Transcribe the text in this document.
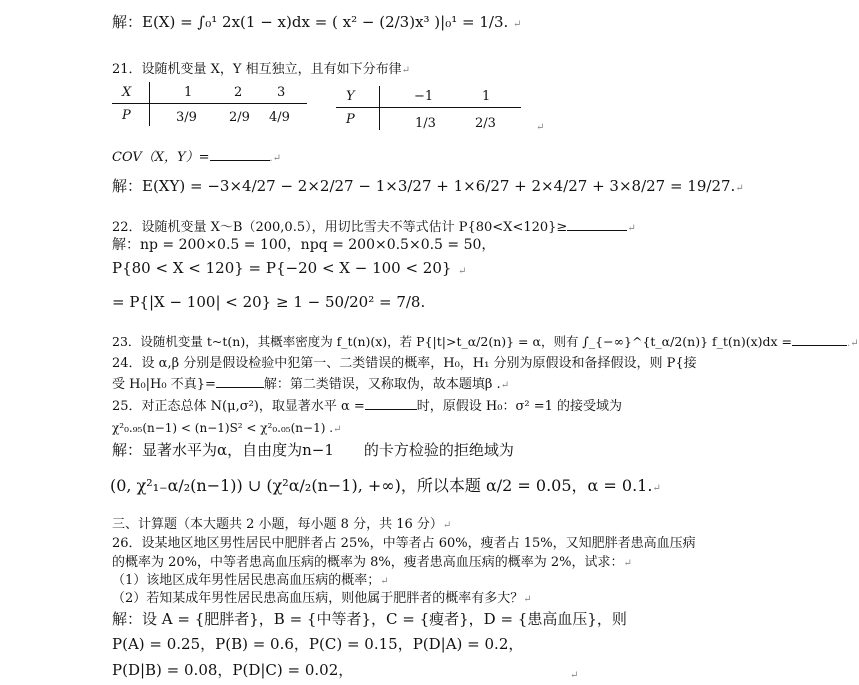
解：E(X) = ∫₀¹ 2x(1 − x)dx = ( x² − (2/3)x³ )|₀¹ = 1/3. ↵
21．设随机变量 X，Y 相互独立，且有如下分布律↵
X	1	2	3
P	3/9 2/9 4/9
Y	−1	1
P	1/3	2/3	↵
COV（X，Y）=	.↵
解：E(XY) = −3×4/27 − 2×2/27 − 1×3/27 + 1×6/27 + 2×4/27 + 3×8/27 = 19/27.↵
22．设随机变量 X～B（200,0.5），用切比雪夫不等式估计 P{80<X<120}≥	↵
解：np = 200×0.5 = 100，npq = 200×0.5×0.5 = 50，
P{80 < X < 120} = P{−20 < X − 100 < 20} ↵
= P{|X − 100| < 20} ≥ 1 − 50/20² = 7/8.
23．设随机变量 t~t(n)，其概率密度为 f_t(n)(x)，若 P{|t|>t_α/2(n)} = α，则有 ∫_{−∞}^{t_α/2(n)} f_t(n)(x)dx =	.↵
24．设 α,β 分别是假设检验中犯第一、二类错误的概率，H₀，H₁ 分别为原假设和备择假设，则 P{接
受 H₀|H₀ 不真}=	解：第二类错误，又称取伪，故本题填β .↵
25．对正态总体 N(μ,σ²)，取显著水平 α =	时，原假设 H₀：σ² =1 的接受域为
χ²₀.₉₅(n−1) < (n−1)S² < χ²₀.₀₅(n−1) .↵
解：显著水平为α，自由度为n−1　　的卡方检验的拒绝域为
(0, χ²₁₋α/₂(n−1)) ∪ (χ²α/₂(n−1), +∞)，所以本题 α/2 = 0.05，α = 0.1.↵
三、计算题（本大题共 2 小题，每小题 8 分，共 16 分）↵
26．设某地区地区男性居民中肥胖者占 25%，中等者占 60%，瘦者占 15%，又知肥胖者患高血压病
的概率为 20%，中等者患高血压病的概率为 8%，瘦者患高血压病的概率为 2%，试求：↵
（1）该地区成年男性居民患高血压病的概率；↵
（2）若知某成年男性居民患高血压病，则他属于肥胖者的概率有多大？↵
解：设 A = {肥胖者}，B = {中等者}，C = {瘦者}，D = {患高血压}，则
P(A) = 0.25，P(B) = 0.6，P(C) = 0.15，P(D|A) = 0.2，
P(D|B) = 0.08，P(D|C) = 0.02，	↵
